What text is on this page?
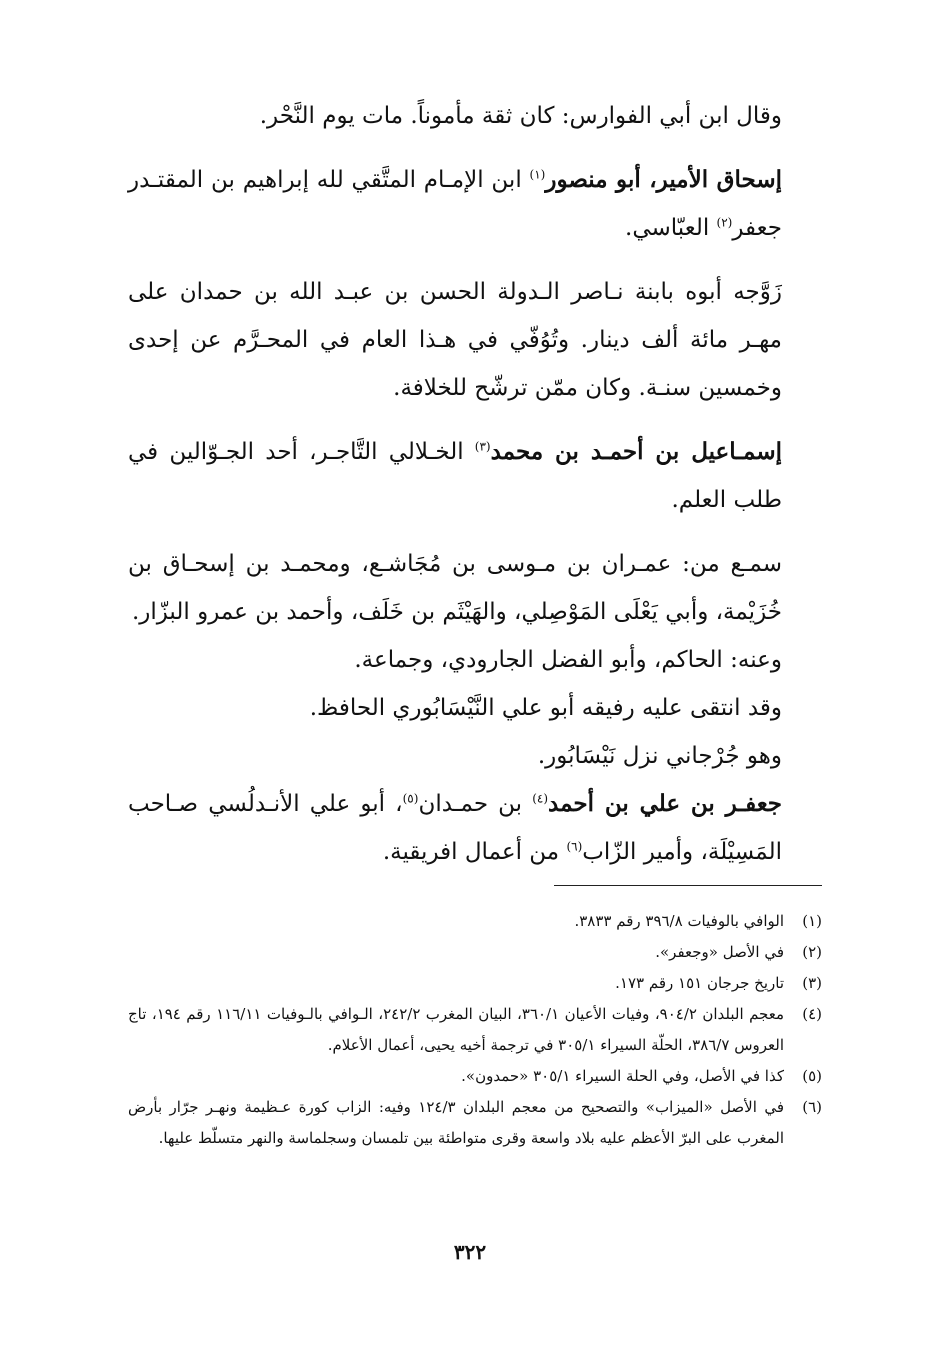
وقال ابن أبي الفوارس: كان ثقة مأموناً. مات يوم النَّحْر.

إسحاق الأمير، أبو منصور$^{(١)}$ ابن الإمـام المتَّقي لله إبراهيم بن المقتـدر جعفر$^{(٢)}$ العبّاسي.

زَوَّجه أبوه بابنة نـاصر الـدولة الحسن بن عبـد الله بن حمدان على مهـر مائة ألف دينار. وتُوُفّي في هـذا العام في المحـرَّم عن إحدى وخمسين سنـة. وكان ممّن ترشّح للخلافة.

إسمـاعيل بن أحمـد بن محمد$^{(٣)}$ الخـلالي التَّاجـر، أحد الجـوّالين في طلب العلم.

سمـع من: عمـران بن مـوسى بن مُجَاشـع، ومحمـد بن إسحـاق بن خُزَيْمة، وأبي يَعْلَى المَوْصِلي، والهَيْثَم بن خَلَف، وأحمد بن عمرو البزّار.

وعنه: الحاكم، وأبو الفضل الجارودي، وجماعة.

وقد انتقى عليه رفيقه أبو علي النَّيْسَابُوري الحافظ.

وهو جُرْجاني نزل نَيْسَابُور.

جعفـر بن علي بن أحمد$^{(٤)}$ بن حمـدان$^{(٥)}$، أبو علي الأنـدلُسي صـاحب المَسِيْلَة، وأمير الزّاب$^{(٦)}$ من أعمال افريقية.

(١)
الوافي بالوفيات ٣٩٦/٨ رقم ٣٨٣٣.
(٢)
في الأصل «وجعفر».
(٣)
تاريخ جرجان ١٥١ رقم ١٧٣.
(٤)
معجم البلدان ٩٠٤/٢، وفيات الأعيان ٣٦٠/١، البيان المغرب ٢٤٢/٢، الـوافي بالـوفيات ١١٦/١١ رقم ١٩٤، تاج العروس ٣٨٦/٧، الحلّة السيراء ٣٠٥/١ في ترجمة أخيه يحيى، أعمال الأعلام.
(٥)
كذا في الأصل، وفي الحلة السيراء ٣٠٥/١ «حمدون».
(٦)
في الأصل «الميزاب» والتصحيح من معجم البلدان ١٢٤/٣ وفيه: الزاب كورة عـظيمة ونهـر جرّار بأرض المغرب على البرّ الأعظم عليه بلاد واسعة وقرى متواطئة بين تلمسان وسجلماسة والنهر متسلّط عليها.
٣٢٢
